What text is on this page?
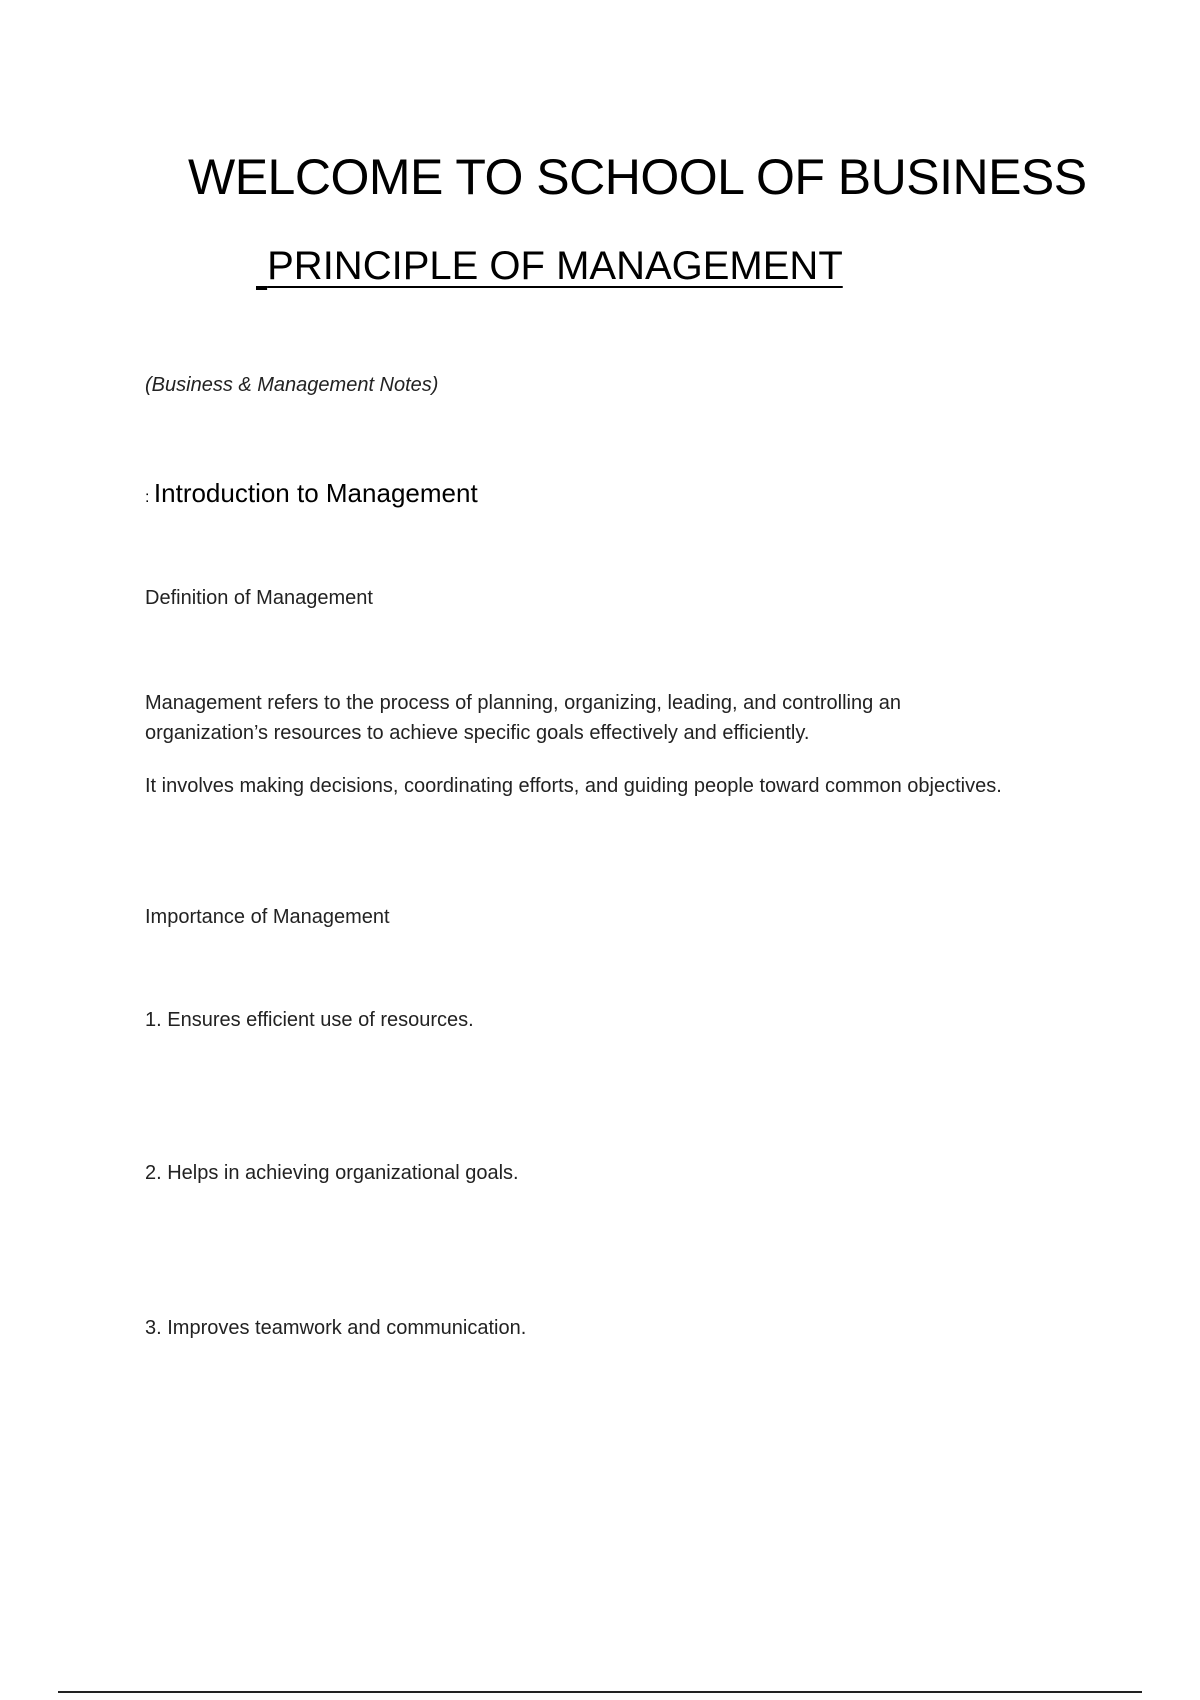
WELCOME TO SCHOOL OF BUSINESS
PRINCIPLE OF MANAGEMENT
(Business & Management Notes)
: Introduction to Management
Definition of Management
Management refers to the process of planning, organizing, leading, and controlling an organization’s resources to achieve specific goals effectively and efficiently.
It involves making decisions, coordinating efforts, and guiding people toward common objectives.
Importance of Management
1. Ensures efficient use of resources.
2. Helps in achieving organizational goals.
3. Improves teamwork and communication.
